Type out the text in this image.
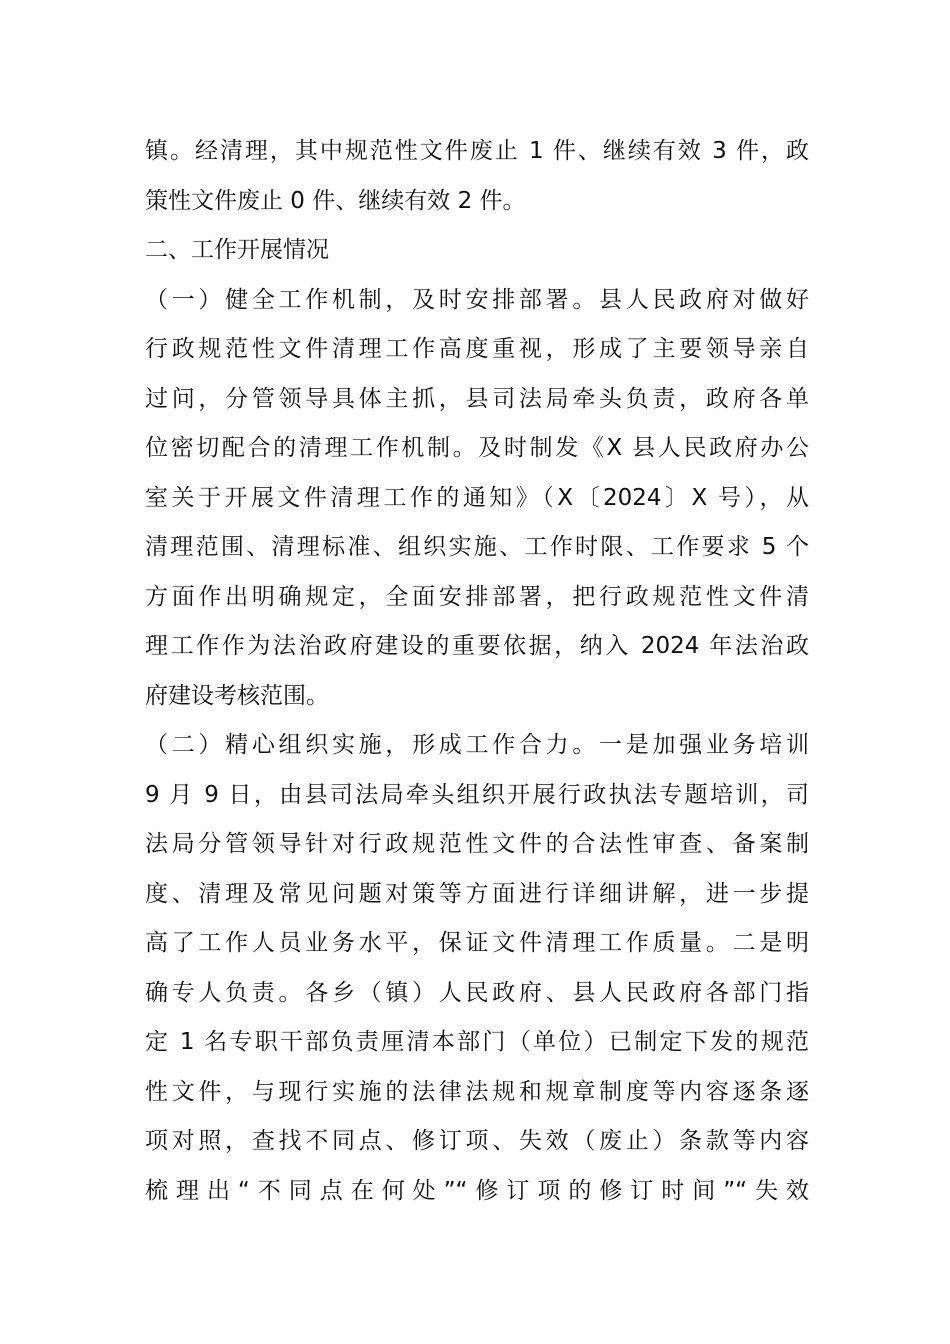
镇。经清理，其中规范性文件废止 1 件、继续有效 3 件，政
策性文件废止 0 件、继续有效 2 件。
二、工作开展情况
（一）健全工作机制，及时安排部署。县人民政府对做好
行政规范性文件清理工作高度重视，形成了主要领导亲自
过问，分管领导具体主抓，县司法局牵头负责，政府各单
位密切配合的清理工作机制。及时制发《X 县人民政府办公
室关于开展文件清理工作的通知》（X〔2024〕X 号），从
清理范围、清理标准、组织实施、工作时限、工作要求 5 个
方面作出明确规定，全面安排部署，把行政规范性文件清
理工作作为法治政府建设的重要依据，纳入 2024 年法治政
府建设考核范围。
（二）精心组织实施，形成工作合力。一是加强业务培训
9 月 9 日，由县司法局牵头组织开展行政执法专题培训，司
法局分管领导针对行政规范性文件的合法性审查、备案制
度、清理及常见问题对策等方面进行详细讲解，进一步提
高了工作人员业务水平，保证文件清理工作质量。二是明
确专人负责。各乡（镇）人民政府、县人民政府各部门指
定 1 名专职干部负责厘清本部门（单位）已制定下发的规范
性文件，与现行实施的法律法规和规章制度等内容逐条逐
项对照，查找不同点、修订项、失效（废止）条款等内容
梳理出“不同点在何处”“修订项的修订时间”“失效
